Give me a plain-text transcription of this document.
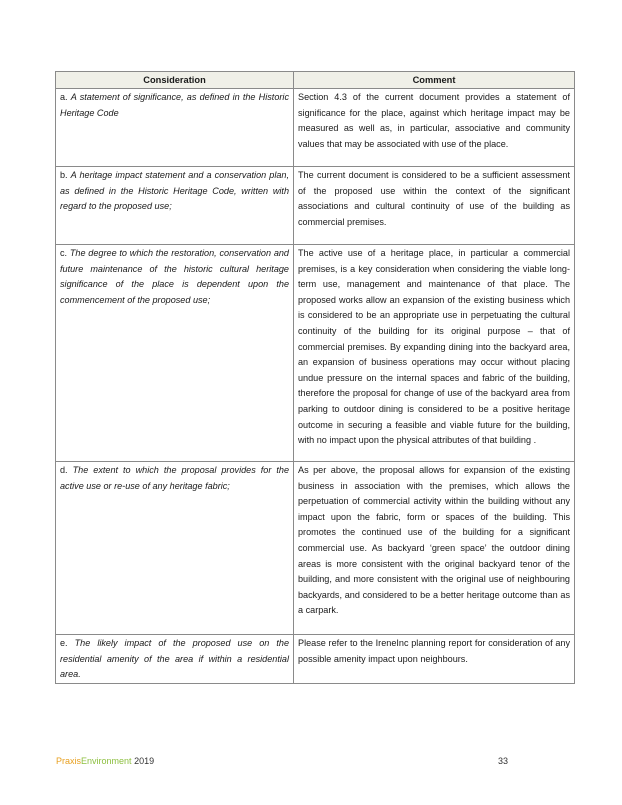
Consideration	Comment
a. A statement of significance, as defined in the Historic Heritage Code	Section 4.3 of the current document provides a statement of significance for the place, against which heritage impact may be measured as well as, in particular, associative and community values that may be associated with use of the place.
b. A heritage impact statement and a conservation plan, as defined in the Historic Heritage Code, written with regard to the proposed use;	The current document is considered to be a sufficient assessment of the proposed use within the context of the significant associations and cultural continuity of use of the building as commercial premises.
c. The degree to which the restoration, conservation and future maintenance of the historic cultural heritage significance of the place is dependent upon the commencement of the proposed use;	The active use of a heritage place, in particular a commercial premises, is a key consideration when considering the viable long-term use, management and maintenance of that place. The proposed works allow an expansion of the existing business which is considered to be an appropriate use in perpetuating the cultural continuity of the building for its original purpose – that of commercial premises. By expanding dining into the backyard area, an expansion of business operations may occur without placing undue pressure on the internal spaces and fabric of the building, therefore the proposal for change of use of the backyard area from parking to outdoor dining is considered to be a positive heritage outcome in securing a feasible and viable future for the building, with no impact upon the physical attributes of that building .
d. The extent to which the proposal provides for the active use or re-use of any heritage fabric;	As per above, the proposal allows for expansion of the existing business in association with the premises, which allows the perpetuation of commercial activity within the building without any impact upon the fabric, form or spaces of the building. This promotes the continued use of the building for a significant commercial use. As backyard ‘green space’ the outdoor dining areas is more consistent with the original backyard tenor of the building, and more consistent with the original use of neighbouring backyards, and considered to be a better heritage outcome than as a carpark.
e. The likely impact of the proposed use on the residential amenity of the area if within a residential area.	Please refer to the IreneInc planning report for consideration of any possible amenity impact upon neighbours.
PraxisEnvironment 2019	33
